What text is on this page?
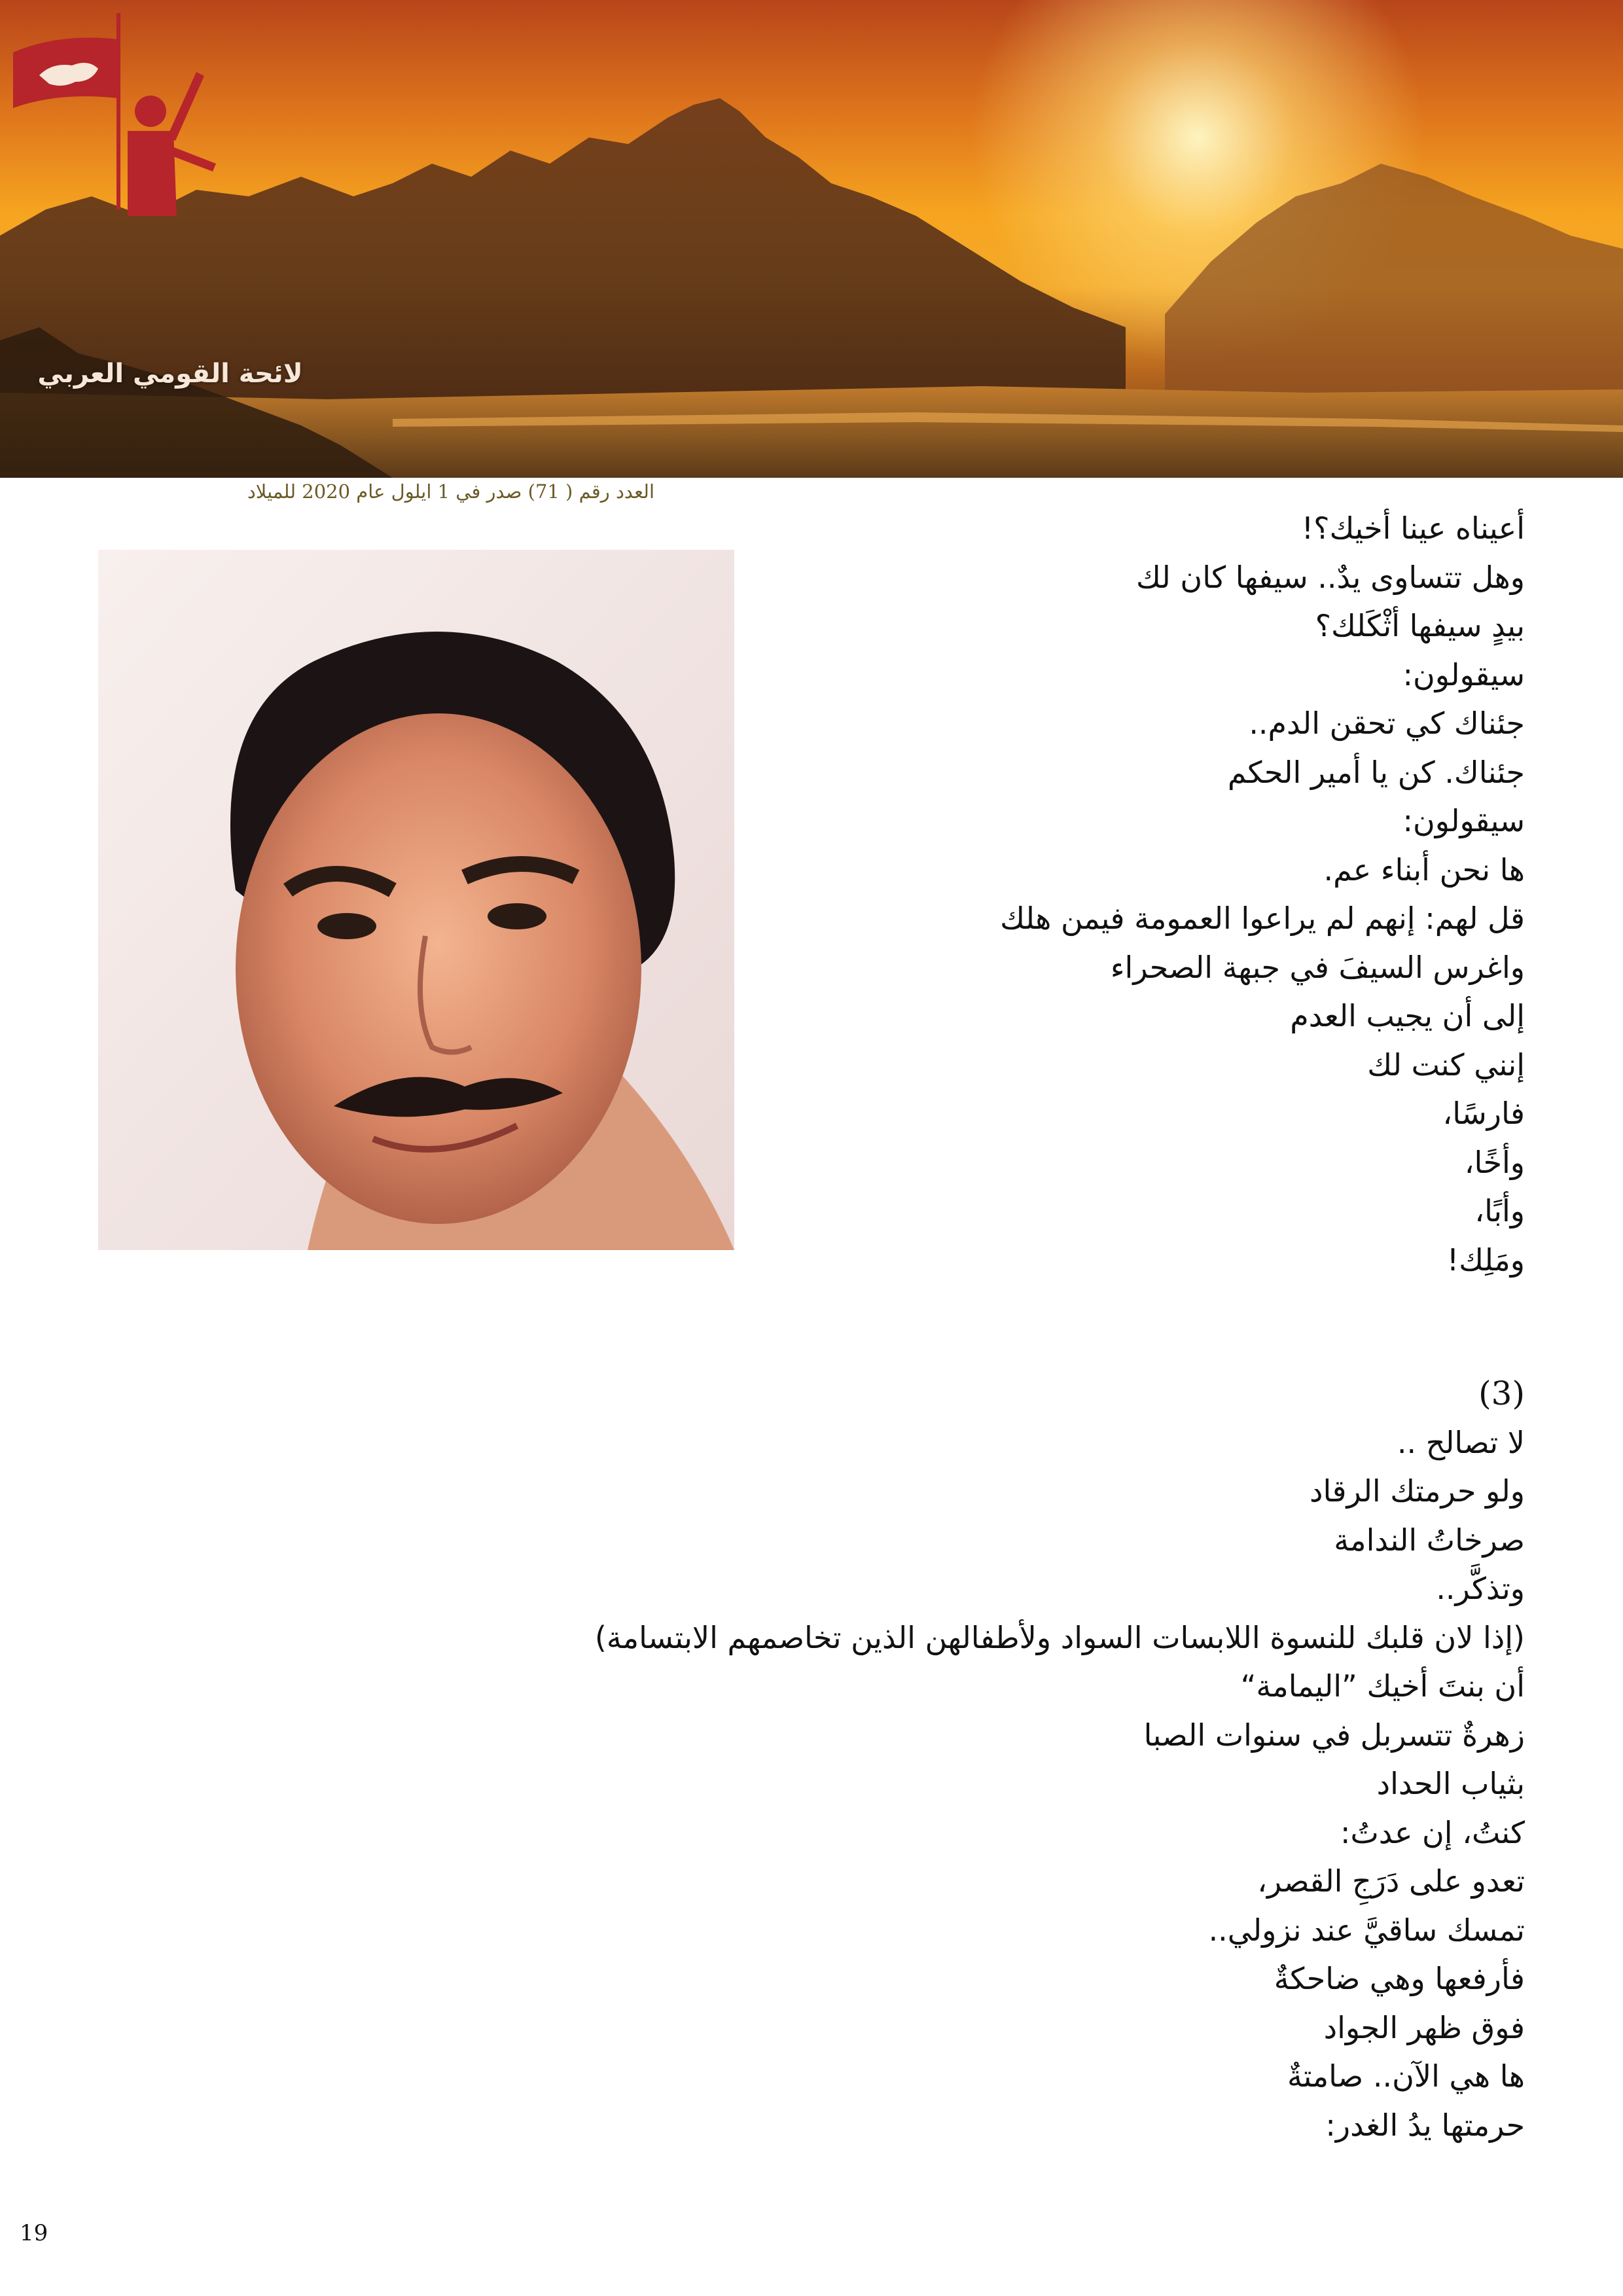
لائحة القومي العربي
العدد رقم ( 71) صدر في 1 ايلول عام 2020 للميلاد
أعيناه عينا أخيك؟!
وهل تتساوى يدٌ.. سيفها كان لك
بيدٍ سيفها أثْكَلك؟
سيقولون:
جئناك كي تحقن الدم..
جئناك. كن يا أمير الحكم
سيقولون:
ها نحن أبناء عم.
قل لهم: إنهم لم يراعوا العمومة فيمن هلك
واغرس السيفَ في جبهة الصحراء
إلى أن يجيب العدم
إنني كنت لك
فارسًا،
وأخًا،
وأبًا،
ومَلِك!
(3)
لا تصالح ..
ولو حرمتك الرقاد
صرخاتُ الندامة
وتذكَّر..
(إذا لان قلبك للنسوة اللابسات السواد ولأطفالهن الذين تخاصمهم الابتسامة)
أن بنتَ أخيك ”اليمامة“
زهرةٌ تتسربل في سنوات الصبا
بثياب الحداد
كنتُ، إن عدتُ:
تعدو على دَرَجِ القصر،
تمسك ساقيَّ عند نزولي..
فأرفعها وهي ضاحكةٌ
فوق ظهر الجواد
ها هي الآن.. صامتةٌ
حرمتها يدُ الغدر:
19
